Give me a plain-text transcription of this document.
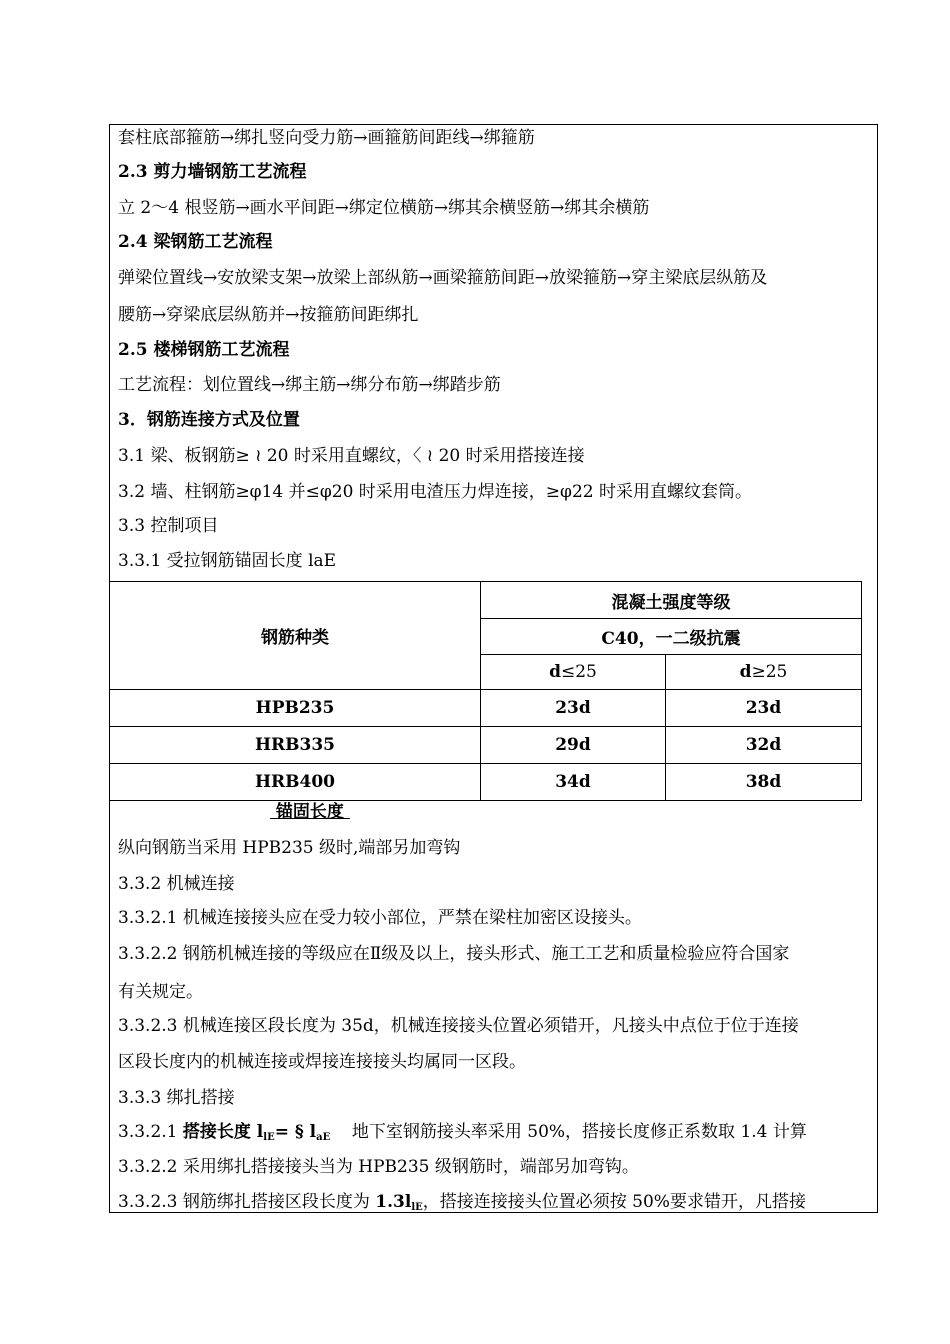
套柱底部箍筋→绑扎竖向受力筋→画箍筋间距线→绑箍筋
2.3 剪力墙钢筋工艺流程
立 2～4 根竖筋→画水平间距→绑定位横筋→绑其余横竖筋→绑其余横筋
2.4 梁钢筋工艺流程
弹梁位置线→安放梁支架→放梁上部纵筋→画梁箍筋间距→放梁箍筋→穿主梁底层纵筋及
腰筋→穿梁底层纵筋并→按箍筋间距绑扎
2.5 楼梯钢筋工艺流程
工艺流程：划位置线→绑主筋→绑分布筋→绑踏步筋
3．钢筋连接方式及位置
3.1 梁、板钢筋≥ ≀ 20 时采用直螺纹，〈 ≀ 20 时采用搭接连接
3.2 墙、柱钢筋≥φ14 并≤φ20 时采用电渣压力焊连接，≥φ22 时采用直螺纹套筒。
3.3 控制项目
3.3.1 受拉钢筋锚固长度 laE
钢筋种类	混凝土强度等级	
	C40，一二级抗震	
	d≤25	d≥25
HPB235	23d	23d
HRB335	29d	32d
HRB400	34d	38d
锚固长度
纵向钢筋当采用 HPB235 级时,端部另加弯钩
3.3.2 机械连接
3.3.2.1 机械连接接头应在受力较小部位，严禁在梁柱加密区设接头。
3.3.2.2 钢筋机械连接的等级应在Ⅱ级及以上，接头形式、施工工艺和质量检验应符合国家
有关规定。
3.3.2.3 机械连接区段长度为 35d，机械连接接头位置必须错开，凡接头中点位于位于连接
区段长度内的机械连接或焊接连接接头均属同一区段。
3.3.3 绑扎搭接
3.3.2.1 搭接长度 $l_{lE}=$ § $l_{aE}$    地下室钢筋接头率采用 50%，搭接长度修正系数取 1.4 计算
3.3.2.2 采用绑扎搭接接头当为 HPB235 级钢筋时，端部另加弯钩。
3.3.2.3 钢筋绑扎搭接区段长度为 $1.3l_{lE}$，搭接连接接头位置必须按 50%要求错开，凡搭接
